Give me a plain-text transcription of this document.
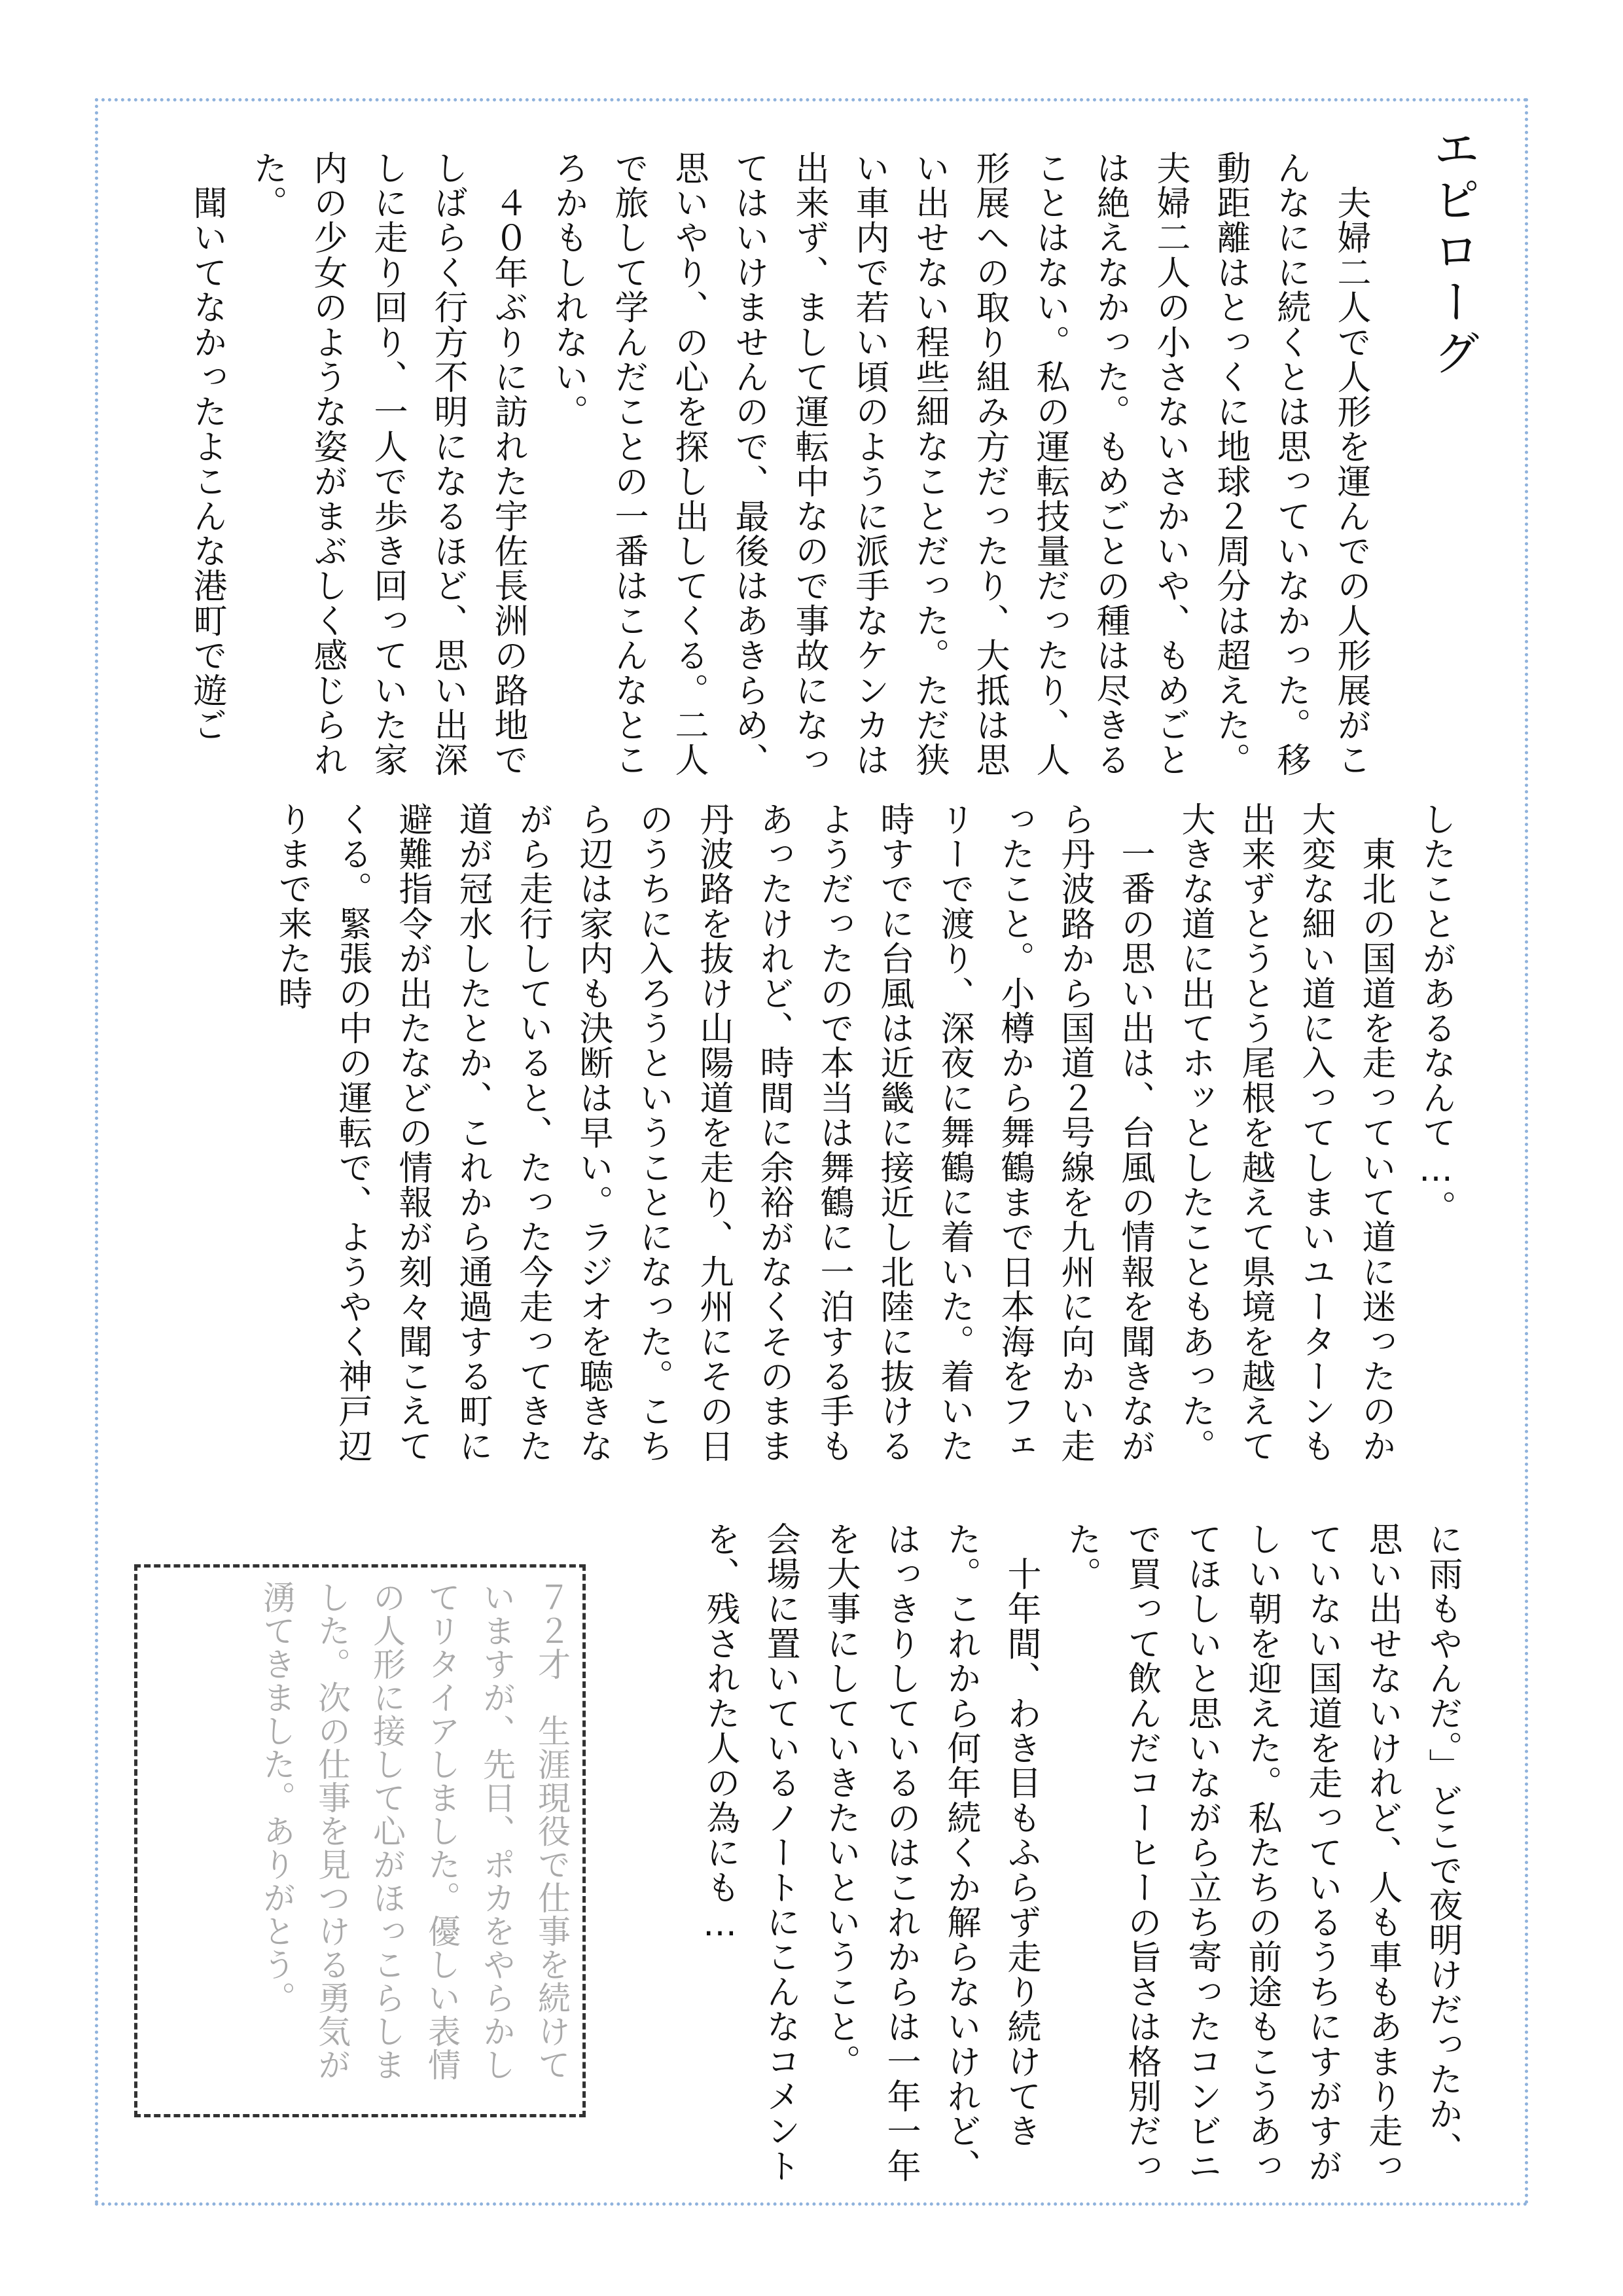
エピローグ

　夫婦二人で人形を運んでの人形展がこんなにに続くとは思っていなかった。移動距離はとっくに地球２周分は超えた。夫婦二人の小さないさかいや、もめごとは絶えなかった。もめごとの種は尽きることはない。私の運転技量だったり、人形展への取り組み方だったり、大抵は思い出せない程些細なことだった。ただ狭い車内で若い頃のように派手なケンカは出来ず、まして運転中なので事故になってはいけませんので、最後はあきらめ、思いやり、の心を探し出してくる。二人で旅して学んだことの一番はこんなところかもしれない。
　４０年ぶりに訪れた宇佐長洲の路地でしばらく行方不明になるほど、思い出深しに走り回り、一人で歩き回っていた家内の少女のような姿がまぶしく感じられた。
　聞いてなかったよこんな港町で遊ご

したことがあるなんて…。
　東北の国道を走っていて道に迷ったのか大変な細い道に入ってしまいユーターンも出来ずとうとう尾根を越えて県境を越えて大きな道に出てホッとしたこともあった。
　一番の思い出は、台風の情報を聞きながら丹波路から国道２号線を九州に向かい走ったこと。小樽から舞鶴まで日本海をフェリーで渡り、深夜に舞鶴に着いた。着いた時すでに台風は近畿に接近し北陸に抜けるようだったので本当は舞鶴に一泊する手もあったけれど、時間に余裕がなくそのまま丹波路を抜け山陽道を走り、九州にその日のうちに入ろうということになった。こちら辺は家内も決断は早い。ラジオを聴きながら走行していると、たった今走ってきた道が冠水したとか、これから通過する町に避難指令が出たなどの情報が刻々聞こえてくる。緊張の中の運転で、ようやく神戸辺りまで来た時

に雨もやんだ。」どこで夜明けだったか、思い出せないけれど、人も車もあまり走っていない国道を走っているうちにすがすがしい朝を迎えた。私たちの前途もこうあってほしいと思いながら立ち寄ったコンビニで買って飲んだコーヒーの旨さは格別だった。
　十年間、わき目もふらず走り続けてきた。これから何年続くか解らないけれど、はっきりしているのはこれからは一年一年を大事にしていきたいということ。
会場に置いているノートにこんなコメントを、残された人の為にも…

７２才　生涯現役で仕事を続けていますが、先日、ポカをやらかしてリタイアしました。優しい表情の人形に接して心がほっこらしました。次の仕事を見つける勇気が湧てきました。ありがとう。
